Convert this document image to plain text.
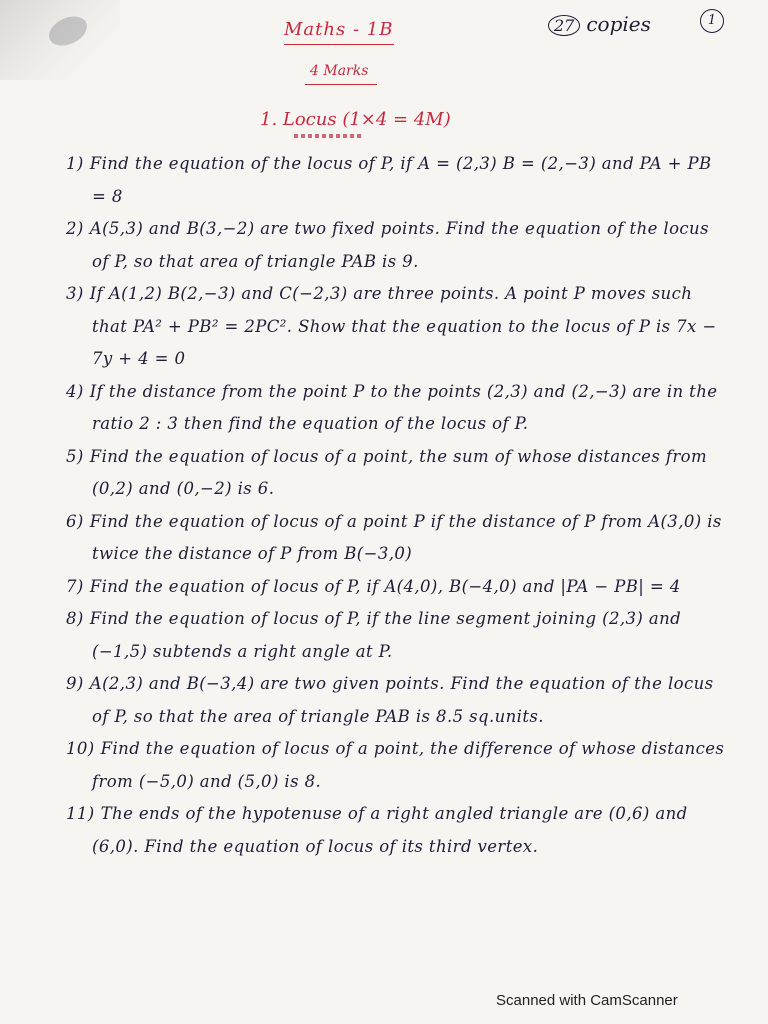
Maths - 1B	27 copies	1
4 Marks
1. Locus (1×4 = 4M)

1) Find the equation of the locus of P, if A = (2,3) B = (2,−3) and PA + PB = 8

2) A(5,3) and B(3,−2) are two fixed points. Find the equation of the locus of P, so that area of triangle PAB is 9.

3) If A(1,2) B(2,−3) and C(−2,3) are three points. A point P moves such that PA² + PB² = 2PC². Show that the equation to the locus of P is 7x − 7y + 4 = 0

4) If the distance from the point P to the points (2,3) and (2,−3) are in the ratio 2 : 3 then find the equation of the locus of P.

5) Find the equation of locus of a point, the sum of whose distances from (0,2) and (0,−2) is 6.

6) Find the equation of locus of a point P if the distance of P from A(3,0) is twice the distance of P from B(−3,0)

7) Find the equation of locus of P, if A(4,0), B(−4,0) and |PA − PB| = 4

8) Find the equation of locus of P, if the line segment joining (2,3) and (−1,5) subtends a right angle at P.

9) A(2,3) and B(−3,4) are two given points. Find the equation of the locus of P, so that the area of triangle PAB is 8.5 sq.units.

10) Find the equation of locus of a point, the difference of whose distances from (−5,0) and (5,0) is 8.

11) The ends of the hypotenuse of a right angled triangle are (0,6) and (6,0). Find the equation of locus of its third vertex.

Scanned with CamScanner
